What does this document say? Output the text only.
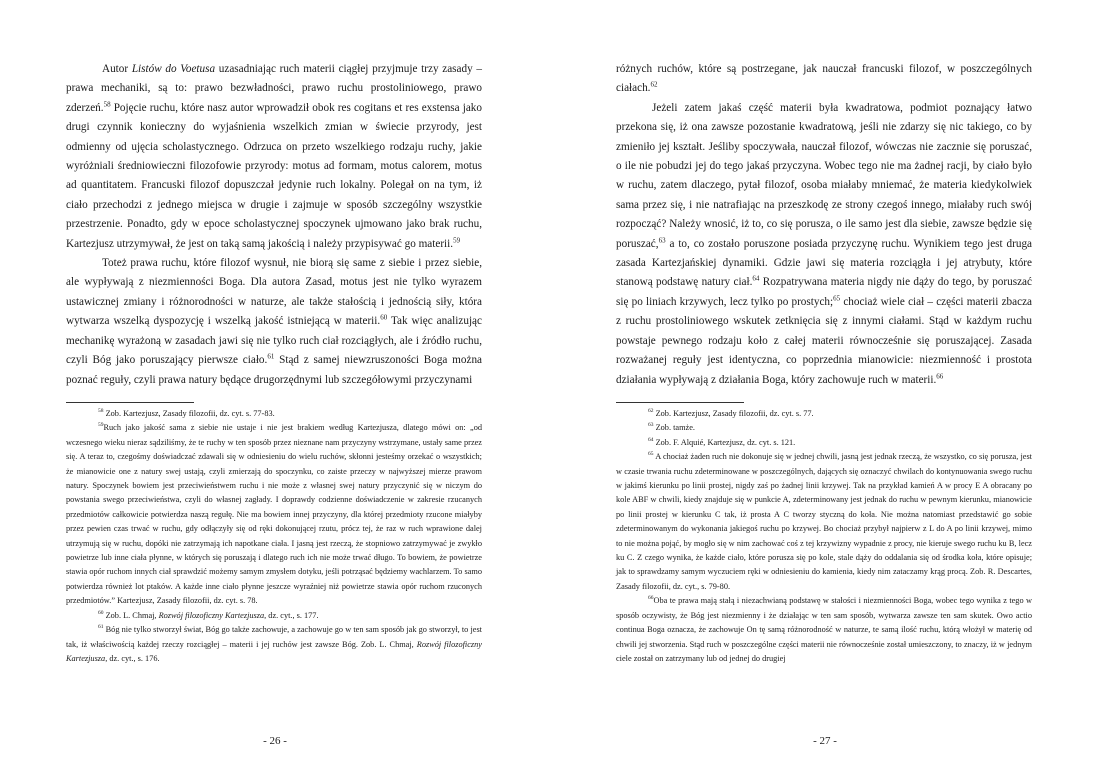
Autor Listów do Voetusa uzasadniając ruch materii ciągłej przyjmuje trzy zasady – prawa mechaniki, są to: prawo bezwładności, prawo ruchu prostoliniowego, prawo zderzeń.$^{58}$ Pojęcie ruchu, które nasz autor wprowadził obok res cogitans et res exstensa jako drugi czynnik konieczny do wyjaśnienia wszelkich zmian w świecie przyrody, jest odmienny od ujęcia scholastycznego. Odrzuca on przeto wszelkiego rodzaju ruchy, jakie wyróżniali średniowieczni filozofowie przyrody: motus ad formam, motus calorem, motus ad quantitatem. Francuski filozof dopuszczał jedynie ruch lokalny. Polegał on na tym, iż ciało przechodzi z jednego miejsca w drugie i zajmuje w sposób szczególny wszystkie przestrzenie. Ponadto, gdy w epoce scholastycznej spoczynek ujmowano jako brak ruchu, Kartezjusz utrzymywał, że jest on taką samą jakością i należy przypisywać go materii.$^{59}$

Toteż prawa ruchu, które filozof wysnuł, nie biorą się same z siebie i przez siebie, ale wypływają z niezmienności Boga. Dla autora Zasad, motus jest nie tylko wyrazem ustawicznej zmiany i różnorodności w naturze, ale także stałością i jednością siły, która wytwarza wszelką dyspozycję i wszelką jakość istniejącą w materii.$^{60}$ Tak więc analizując mechanikę wyrażoną w zasadach jawi się nie tylko ruch ciał rozciągłych, ale i źródło ruchu, czyli Bóg jako poruszający pierwsze ciało.$^{61}$ Stąd z samej niewzruszoności Boga można poznać reguły, czyli prawa natury będące drugorzędnymi lub szczegółowymi przyczynami

$^{58}$ Zob. Kartezjusz, Zasady filozofii, dz. cyt. s. 77-83.

$^{59}$Ruch jako jakość sama z siebie nie ustaje i nie jest brakiem według Kartezjusza, dlatego mówi on: „od wczesnego wieku nieraz sądziliśmy, że te ruchy w ten sposób przez nieznane nam przyczyny wstrzymane, ustały same przez się. A teraz to, czegośmy doświadczać zdawali się w odniesieniu do wielu ruchów, skłonni jesteśmy orzekać o wszystkich; że mianowicie one z natury swej ustają, czyli zmierzają do spoczynku, co zaiste przeczy w najwyższej mierze prawom natury. Spoczynek bowiem jest przeciwieństwem ruchu i nie może z własnej swej natury przyczynić się w niczym do powstania swego przeciwieństwa, czyli do własnej zagłady. I doprawdy codzienne doświadczenie w zakresie rzucanych przedmiotów całkowicie potwierdza naszą regułę. Nie ma bowiem innej przyczyny, dla której przedmioty rzucone miałyby przez pewien czas trwać w ruchu, gdy odłączyły się od ręki dokonującej rzutu, prócz tej, że raz w ruch wprawione dalej utrzymują się w ruchu, dopóki nie zatrzymają ich napotkane ciała. I jasną jest rzeczą, że stopniowo zatrzymywać je zwykło powietrze lub inne ciała płynne, w których się poruszają i dlatego ruch ich nie może trwać długo. To bowiem, że powietrze stawia opór ruchom innych ciał sprawdzić możemy samym zmysłem dotyku, jeśli potrząsać będziemy wachlarzem. To samo potwierdza również lot ptaków. A każde inne ciało płynne jeszcze wyraźniej niż powietrze stawia opór ruchom rzuconych przedmiotów.” Kartezjusz, Zasady filozofii, dz. cyt. s. 78.

$^{60}$ Zob. L. Chmaj, Rozwój filozoficzny Kartezjusza, dz. cyt., s. 177.

$^{61}$ Bóg nie tylko stworzył świat, Bóg go także zachowuje, a zachowuje go w ten sam sposób jak go stworzył, to jest tak, iż właściwością każdej rzeczy rozciągłej – materii i jej ruchów jest zawsze Bóg. Zob. L. Chmaj, Rozwój filozoficzny Kartezjusza, dz. cyt., s. 176.

- 26 -

różnych ruchów, które są postrzegane, jak nauczał francuski filozof, w poszczególnych ciałach.$^{62}$

Jeżeli zatem jakaś część materii była kwadratowa, podmiot poznający łatwo przekona się, iż ona zawsze pozostanie kwadratową, jeśli nie zdarzy się nic takiego, co by zmieniło jej kształt. Jeśliby spoczywała, nauczał filozof, wówczas nie zacznie się poruszać, o ile nie pobudzi jej do tego jakaś przyczyna. Wobec tego nie ma żadnej racji, by ciało było w ruchu, zatem dlaczego, pytał filozof, osoba miałaby mniemać, że materia kiedykolwiek sama przez się, i nie natrafiając na przeszkodę ze strony czegoś innego, miałaby ruch swój rozpocząć? Należy wnosić, iż to, co się porusza, o ile samo jest dla siebie, zawsze będzie się poruszać,$^{63}$ a to, co zostało poruszone posiada przyczynę ruchu. Wynikiem tego jest druga zasada Kartezjańskiej dynamiki. Gdzie jawi się materia rozciągła i jej atrybuty, które stanową podstawę natury ciał.$^{64}$ Rozpatrywana materia nigdy nie dąży do tego, by poruszać się po liniach krzywych, lecz tylko po prostych;$^{65}$ chociaż wiele ciał – części materii zbacza z ruchu prostoliniowego wskutek zetknięcia się z innymi ciałami. Stąd w każdym ruchu powstaje pewnego rodzaju koło z całej materii równocześnie się poruszającej. Zasada rozważanej reguły jest identyczna, co poprzednia mianowicie: niezmienność i prostota działania wypływają z działania Boga, który zachowuje ruch w materii.$^{66}$

$^{62}$ Zob. Kartezjusz, Zasady filozofii, dz. cyt. s. 77.

$^{63}$ Zob. tamże.

$^{64}$ Zob. F. Alquié, Kartezjusz, dz. cyt. s. 121.

$^{65}$ A chociaż żaden ruch nie dokonuje się w jednej chwili, jasną jest jednak rzeczą, że wszystko, co się porusza, jest w czasie trwania ruchu zdeterminowane w poszczególnych, dających się oznaczyć chwilach do kontynuowania swego ruchu w jakimś kierunku po linii prostej, nigdy zaś po żadnej linii krzywej. Tak na przykład kamień A w procy E A obracany po kole ABF w chwili, kiedy znajduje się w punkcie A, zdeterminowany jest jednak do ruchu w pewnym kierunku, mianowicie po linii prostej w kierunku C tak, iż prosta A C tworzy styczną do koła. Nie można natomiast przedstawić go sobie zdeterminowanym do wykonania jakiegoś ruchu po krzywej. Bo chociaż przybył najpierw z L do A po linii krzywej, mimo to nie można pojąć, by mogło się w nim zachować coś z tej krzywizny wypadnie z procy, nie kieruje swego ruchu ku B, lecz ku C. Z czego wynika, że każde ciało, które porusza się po kole, stale dąży do oddalania się od środka koła, które opisuje; jak to sprawdzamy samym wyczuciem ręki w odniesieniu do kamienia, kiedy nim zataczamy krąg procą. Zob. R. Descartes, Zasady filozofii, dz. cyt., s. 79-80.

$^{66}$Oba te prawa mają stałą i niezachwianą podstawę w stałości i niezmienności Boga, wobec tego wynika z tego w sposób oczywisty, że Bóg jest niezmienny i że działając w ten sam sposób, wytwarza zawsze ten sam skutek. Owo actio continua Boga oznacza, że zachowuje On tę samą różnorodność w naturze, te samą ilość ruchu, którą włożył w materię od chwili jej stworzenia. Stąd ruch w poszczególne części materii nie równocześnie został umieszczony, to znaczy, iż w jednym ciele został on zatrzymany lub od jednej do drugiej

- 27 -
